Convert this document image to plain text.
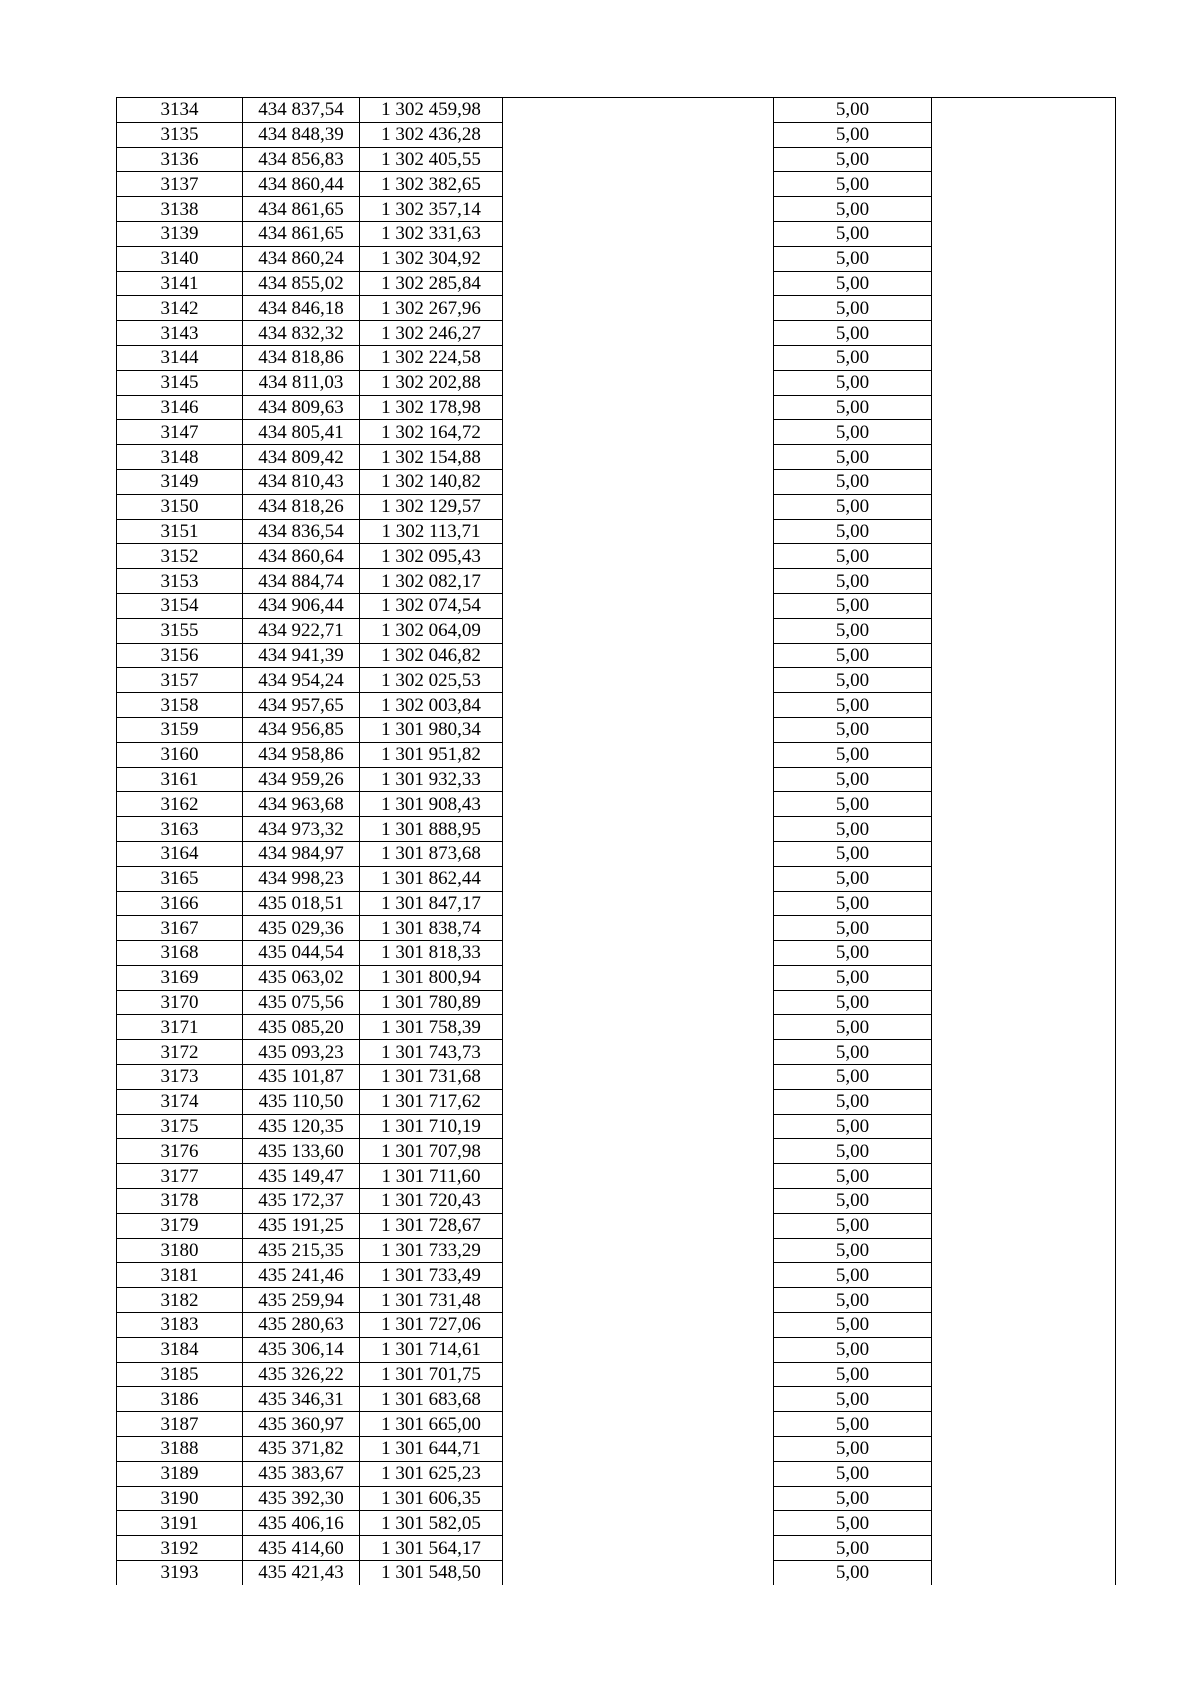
3134	434 837,54	1 302 459,98		5,00	
3135	434 848,39	1 302 436,28		5,00	
3136	434 856,83	1 302 405,55		5,00	
3137	434 860,44	1 302 382,65		5,00	
3138	434 861,65	1 302 357,14		5,00	
3139	434 861,65	1 302 331,63		5,00	
3140	434 860,24	1 302 304,92		5,00	
3141	434 855,02	1 302 285,84		5,00	
3142	434 846,18	1 302 267,96		5,00	
3143	434 832,32	1 302 246,27		5,00	
3144	434 818,86	1 302 224,58		5,00	
3145	434 811,03	1 302 202,88		5,00	
3146	434 809,63	1 302 178,98		5,00	
3147	434 805,41	1 302 164,72		5,00	
3148	434 809,42	1 302 154,88		5,00	
3149	434 810,43	1 302 140,82		5,00	
3150	434 818,26	1 302 129,57		5,00	
3151	434 836,54	1 302 113,71		5,00	
3152	434 860,64	1 302 095,43		5,00	
3153	434 884,74	1 302 082,17		5,00	
3154	434 906,44	1 302 074,54		5,00	
3155	434 922,71	1 302 064,09		5,00	
3156	434 941,39	1 302 046,82		5,00	
3157	434 954,24	1 302 025,53		5,00	
3158	434 957,65	1 302 003,84		5,00	
3159	434 956,85	1 301 980,34		5,00	
3160	434 958,86	1 301 951,82		5,00	
3161	434 959,26	1 301 932,33		5,00	
3162	434 963,68	1 301 908,43		5,00	
3163	434 973,32	1 301 888,95		5,00	
3164	434 984,97	1 301 873,68		5,00	
3165	434 998,23	1 301 862,44		5,00	
3166	435 018,51	1 301 847,17		5,00	
3167	435 029,36	1 301 838,74		5,00	
3168	435 044,54	1 301 818,33		5,00	
3169	435 063,02	1 301 800,94		5,00	
3170	435 075,56	1 301 780,89		5,00	
3171	435 085,20	1 301 758,39		5,00	
3172	435 093,23	1 301 743,73		5,00	
3173	435 101,87	1 301 731,68		5,00	
3174	435 110,50	1 301 717,62		5,00	
3175	435 120,35	1 301 710,19		5,00	
3176	435 133,60	1 301 707,98		5,00	
3177	435 149,47	1 301 711,60		5,00	
3178	435 172,37	1 301 720,43		5,00	
3179	435 191,25	1 301 728,67		5,00	
3180	435 215,35	1 301 733,29		5,00	
3181	435 241,46	1 301 733,49		5,00	
3182	435 259,94	1 301 731,48		5,00	
3183	435 280,63	1 301 727,06		5,00	
3184	435 306,14	1 301 714,61		5,00	
3185	435 326,22	1 301 701,75		5,00	
3186	435 346,31	1 301 683,68		5,00	
3187	435 360,97	1 301 665,00		5,00	
3188	435 371,82	1 301 644,71		5,00	
3189	435 383,67	1 301 625,23		5,00	
3190	435 392,30	1 301 606,35		5,00	
3191	435 406,16	1 301 582,05		5,00	
3192	435 414,60	1 301 564,17		5,00	
3193	435 421,43	1 301 548,50		5,00	
